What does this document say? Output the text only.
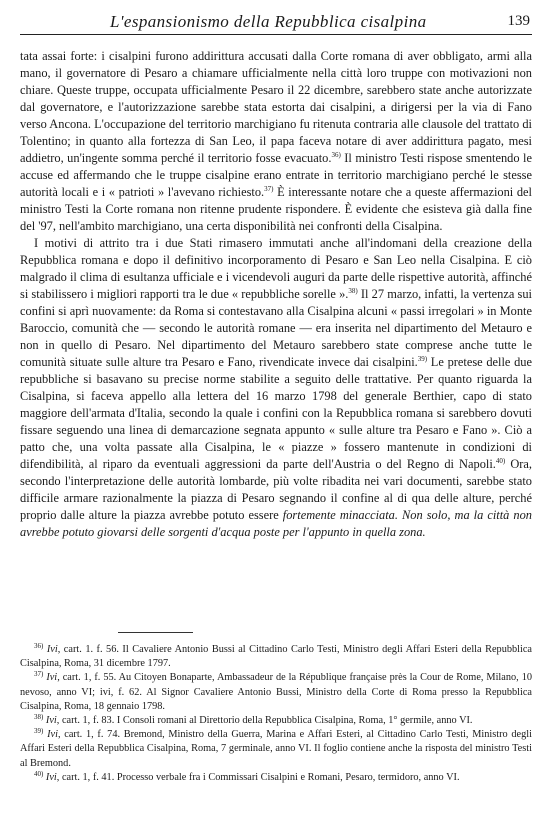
L'espansionismo della Repubblica cisalpina	139

tata assai forte: i cisalpini furono addirittura accusati dalla Corte romana di aver obbligato, armi alla mano, il governatore di Pesaro a chiamare ufficialmente nella città loro truppe con motivazioni non chiare. Queste truppe, occupata ufficialmente Pesaro il 22 dicembre, sarebbero state anche autorizzate dal governatore, e l'autorizzazione sarebbe stata estorta dai cisalpini, a dirigersi per la via di Fano verso Ancona. L'occupazione del territorio marchigiano fu ritenuta contraria alle clausole del trattato di Tolentino; in quanto alla fortezza di San Leo, il papa faceva notare di aver addirittura pagato, mesi addietro, un'ingente somma perché il territorio fosse evacuato.$^{36)}$ Il ministro Testi rispose smentendo le accuse ed affermando che le truppe cisalpine erano entrate in territorio marchigiano perché le stesse autorità locali e i « patrioti » l'avevano richiesto.$^{37)}$ È interessante notare che a queste affermazioni del ministro Testi la Corte romana non ritenne prudente rispondere. È evidente che esisteva già dalla fine del '97, nell'ambito marchigiano, una certa disponibilità nei confronti della Cisalpina.

I motivi di attrito tra i due Stati rimasero immutati anche all'indomani della creazione della Repubblica romana e dopo il definitivo incorporamento di Pesaro e San Leo nella Cisalpina. E ciò malgrado il clima di esultanza ufficiale e i vicendevoli auguri da parte delle rispettive autorità, affinché si stabilissero i migliori rapporti tra le due « repubbliche sorelle ».$^{38)}$ Il 27 marzo, infatti, la vertenza sui confini si aprì nuovamente: da Roma si contestavano alla Cisalpina alcuni « passi irregolari » in Monte Baroccio, comunità che — secondo le autorità romane — era inserita nel dipartimento del Metauro e non in quello di Pesaro. Nel dipartimento del Metauro sarebbero state comprese anche tutte le comunità situate sulle alture tra Pesaro e Fano, rivendicate invece dai cisalpini.$^{39)}$ Le pretese delle due repubbliche si basavano su precise norme stabilite a seguito delle trattative. Per quanto riguarda la Cisalpina, si faceva appello alla lettera del 16 marzo 1798 del generale Berthier, capo di stato maggiore dell'armata d'Italia, secondo la quale i confini con la Repubblica romana si sarebbero dovuti fissare seguendo una linea di demarcazione segnata appunto « sulle alture tra Pesaro e Fano ». Ciò a patto che, una volta passate alla Cisalpina, le « piazze » fossero mantenute in condizioni di difendibilità, al riparo da eventuali aggressioni da parte dell'Austria o del Regno di Napoli.$^{40)}$ Ora, secondo l'interpretazione delle autorità lombarde, più volte ribadita nei vari documenti, sarebbe stato difficile armare razionalmente la piazza di Pesaro segnando il confine al di qua delle alture, perché proprio dalle alture la piazza avrebbe potuto essere fortemente minacciata. Non solo, ma la città non avrebbe potuto giovarsi delle sorgenti d'acqua poste per l'appunto in quella zona.

$^{36)}$ Ivi, cart. 1. f. 56. Il Cavaliere Antonio Bussi al Cittadino Carlo Testi, Ministro degli Affari Esteri della Repubblica Cisalpina, Roma, 31 dicembre 1797.

$^{37)}$ Ivi, cart. 1, f. 55. Au Citoyen Bonaparte, Ambassadeur de la République française près la Cour de Rome, Milano, 10 nevoso, anno VI; ivi, f. 62. Al Signor Cavaliere Antonio Bussi, Ministro della Corte di Roma presso la Repubblica Cisalpina, Roma, 18 gennaio 1798.

$^{38)}$ Ivi, cart. 1, f. 83. I Consoli romani al Direttorio della Repubblica Cisalpina, Roma, 1° germile, anno VI.

$^{39)}$ Ivi, cart. 1, f. 74. Bremond, Ministro della Guerra, Marina e Affari Esteri, al Cittadino Carlo Testi, Ministro degli Affari Esteri della Repubblica Cisalpina, Roma, 7 germinale, anno VI. Il foglio contiene anche la risposta del ministro Testi al Bremond.

$^{40)}$ Ivi, cart. 1, f. 41. Processo verbale fra i Commissari Cisalpini e Romani, Pesaro, termidoro, anno VI.
